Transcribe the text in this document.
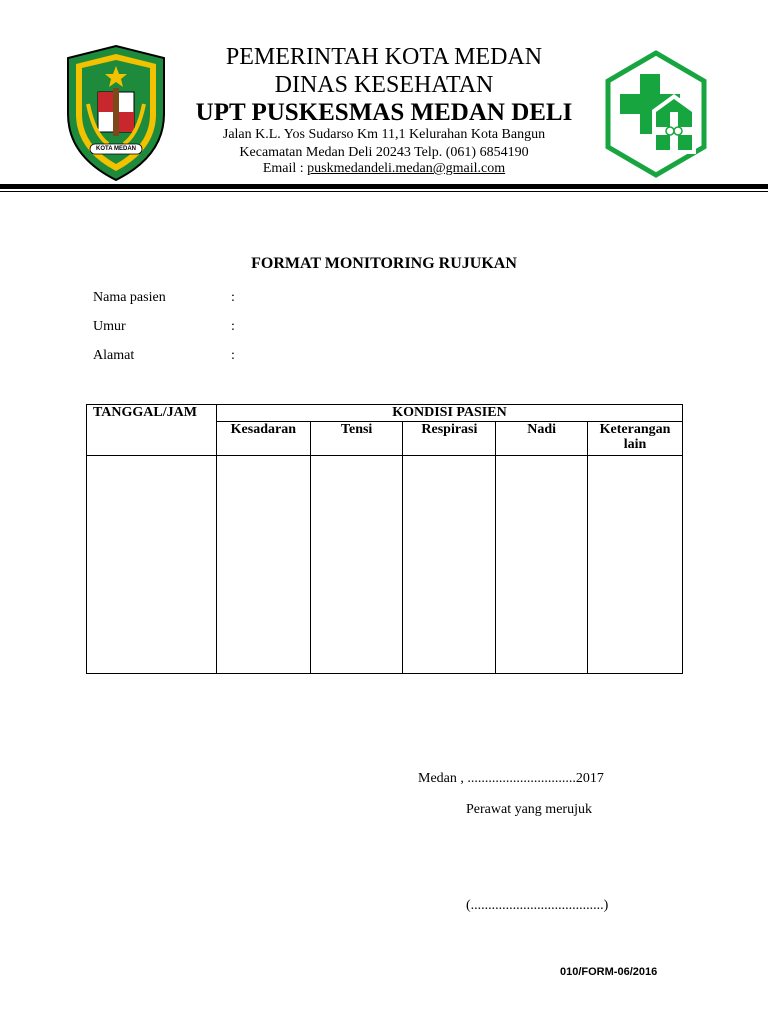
KOTA MEDAN
PEMERINTAH KOTA MEDAN
DINAS KESEHATAN
UPT PUSKESMAS MEDAN DELI
Jalan K.L. Yos Sudarso Km 11,1 Kelurahan Kota Bangun
Kecamatan Medan Deli 20243 Telp. (061) 6854190
Email : puskmedandeli.medan@gmail.com
FORMAT MONITORING RUJUKAN
Nama pasien	:
Umur	:
Alamat	:
TANGGAL/JAM	KONDISI PASIEN				
	Kesadaran	Tensi	Respirasi	Nadi	Keterangan lain

Medan , ...............................2017
Perawat yang merujuk
(......................................)
010/FORM-06/2016
